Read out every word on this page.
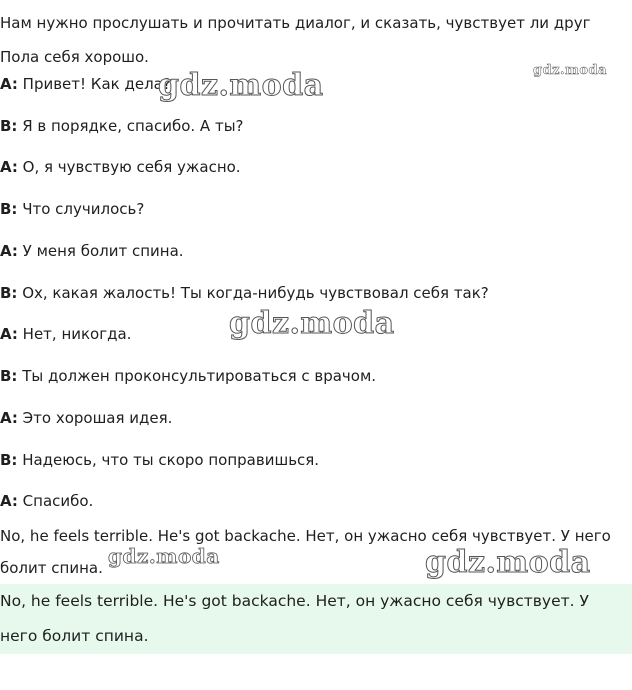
Нам нужно прослушать и прочитать диалог, и сказать, чувствует ли друг Пола себя хорошо.
A: Привет! Как дела?
B: Я в порядке, спасибо. А ты?
A: О, я чувствую себя ужасно.
B: Что случилось?
A: У меня болит спина.
B: Ох, какая жалость! Ты когда-нибудь чувствовал себя так?
A: Нет, никогда.
B: Ты должен проконсультироваться с врачом.
A: Это хорошая идея.
B: Надеюсь, что ты скоро поправишься.
A: Спасибо.
No, he feels terrible. He's got backache. Нет, он ужасно себя чувствует. У него болит спина.
No, he feels terrible. He's got backache. Нет, он ужасно себя чувствует. У него болит спина.
gdz.moda	gdz.moda
gdz.moda
gdz.moda	gdz.moda
